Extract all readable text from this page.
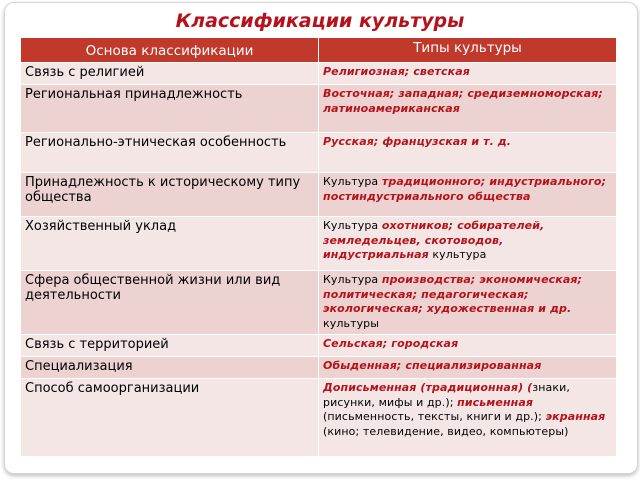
Классификации культуры
Основа классификации	Типы культуры
Связь с религией	Религиозная; светская
Региональная принадлежность	Восточная; западная; средиземноморская; латиноамериканская
Регионально-этническая особенность	Русская; французская и т. д.
Принадлежность к историческому типу общества	Культура традиционного; индустриального; постиндустриального общества
Хозяйственный уклад	Культура охотников; собирателей, земледельцев, скотоводов, индустриальная культура
Сфера общественной жизни или вид деятельности	Культура производства; экономическая; политическая; педагогическая; экологическая; художественная и др. культуры
Связь с территорией	Сельская; городская
Специализация	Обыденная; специализированная
Способ самоорганизации	Дописьменная (традиционная) (знаки, рисунки, мифы и др.); письменная (письменность, тексты, книги и др.); экранная (кино; телевидение, видео, компьютеры)
